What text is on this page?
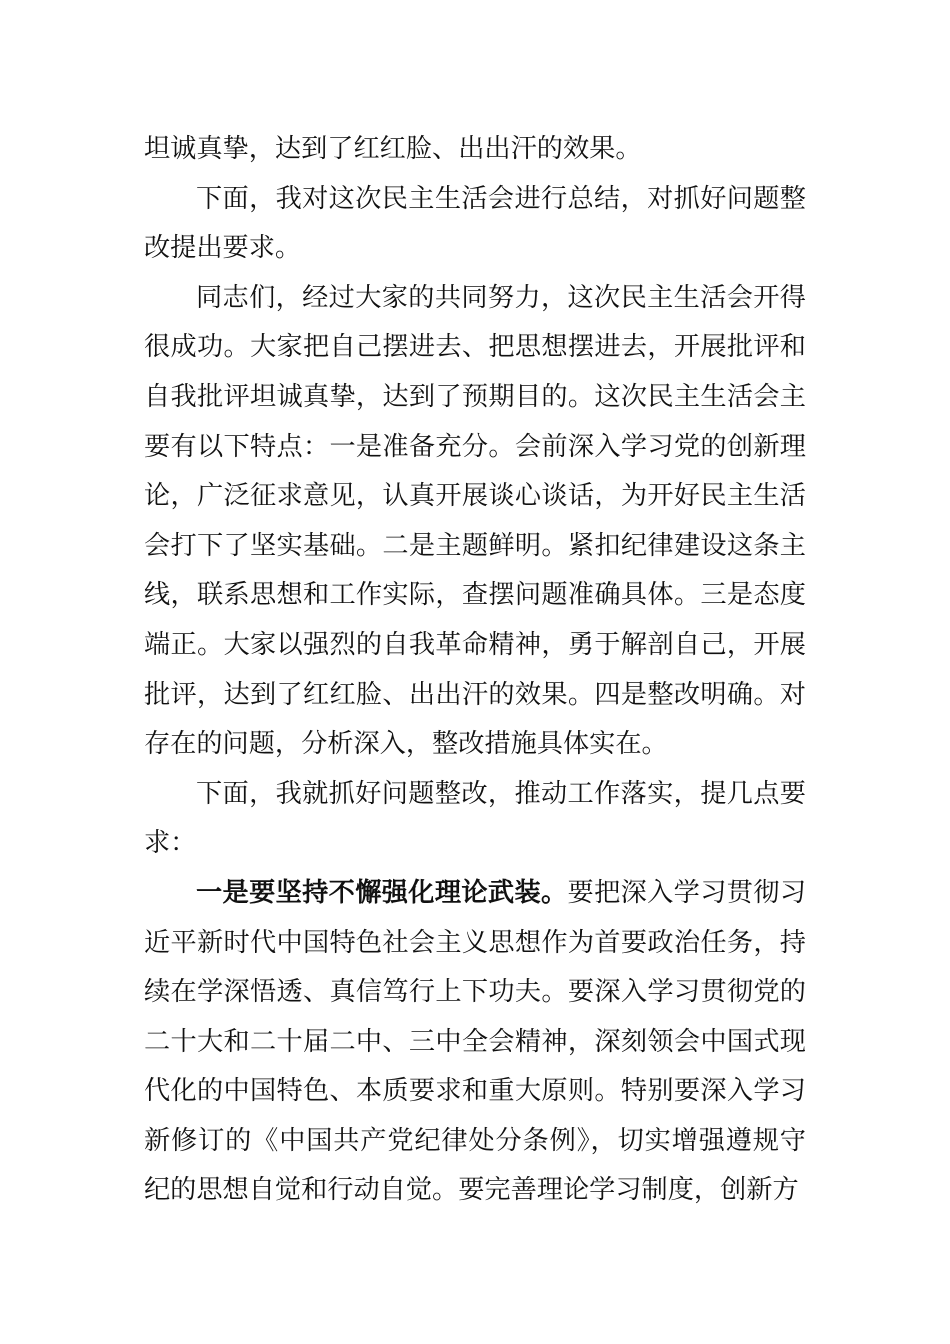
坦诚真挚，达到了红红脸、出出汗的效果。

下面，我对这次民主生活会进行总结，对抓好问题整改提出要求。

同志们，经过大家的共同努力，这次民主生活会开得很成功。大家把自己摆进去、把思想摆进去，开展批评和自我批评坦诚真挚，达到了预期目的。这次民主生活会主要有以下特点：一是准备充分。会前深入学习党的创新理论，广泛征求意见，认真开展谈心谈话，为开好民主生活会打下了坚实基础。二是主题鲜明。紧扣纪律建设这条主线，联系思想和工作实际，查摆问题准确具体。三是态度端正。大家以强烈的自我革命精神，勇于解剖自己，开展批评，达到了红红脸、出出汗的效果。四是整改明确。对存在的问题，分析深入，整改措施具体实在。

下面，我就抓好问题整改，推动工作落实，提几点要求：

一是要坚持不懈强化理论武装。要把深入学习贯彻习近平新时代中国特色社会主义思想作为首要政治任务，持续在学深悟透、真信笃行上下功夫。要深入学习贯彻党的二十大和二十届二中、三中全会精神，深刻领会中国式现代化的中国特色、本质要求和重大原则。特别要深入学习新修订的《中国共产党纪律处分条例》，切实增强遵规守纪的思想自觉和行动自觉。要完善理论学习制度，创新方
